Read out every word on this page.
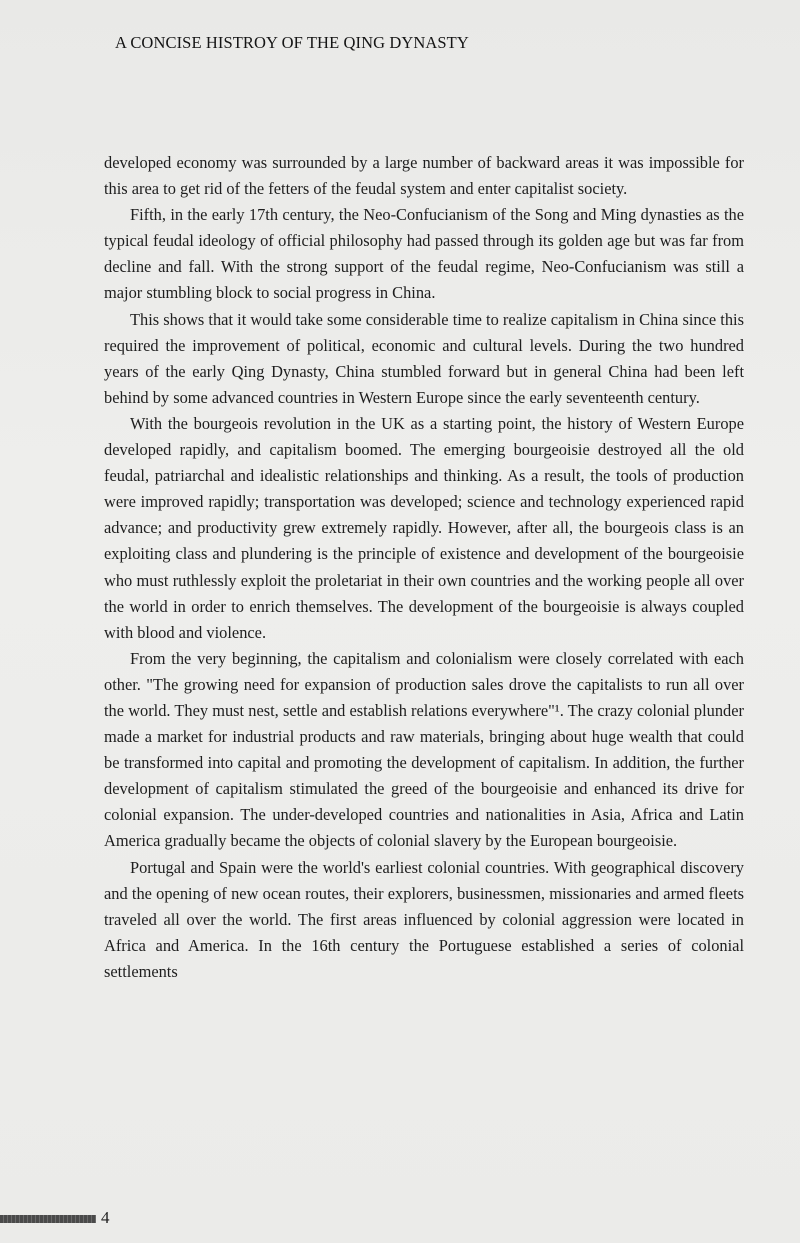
A CONCISE HISTROY OF THE QING DYNASTY

developed economy was surrounded by a large number of backward areas it was impossible for this area to get rid of the fetters of the feudal system and enter capitalist society.

Fifth, in the early 17th century, the Neo-Confucianism of the Song and Ming dynasties as the typical feudal ideology of official philosophy had passed through its golden age but was far from decline and fall. With the strong support of the feudal regime, Neo-Confucianism was still a major stumbling block to social progress in China.

This shows that it would take some considerable time to realize capitalism in China since this required the improvement of political, economic and cultural levels. During the two hundred years of the early Qing Dynasty, China stumbled forward but in general China had been left behind by some advanced countries in Western Europe since the early seventeenth century.

With the bourgeois revolution in the UK as a starting point, the history of Western Europe developed rapidly, and capitalism boomed. The emerging bourgeoisie destroyed all the old feudal, patriarchal and idealistic relationships and thinking. As a result, the tools of production were improved rapidly; transportation was developed; science and technology experienced rapid advance; and productivity grew extremely rapidly. However, after all, the bourgeois class is an exploiting class and plundering is the principle of existence and development of the bourgeoisie who must ruthlessly exploit the proletariat in their own countries and the working people all over the world in order to enrich themselves. The development of the bourgeoisie is always coupled with blood and violence.

From the very beginning, the capitalism and colonialism were closely correlated with each other. "The growing need for expansion of production sales drove the capitalists to run all over the world. They must nest, settle and establish relations everywhere"¹. The crazy colonial plunder made a market for industrial products and raw materials, bringing about huge wealth that could be transformed into capital and promoting the development of capitalism. In addition, the further development of capitalism stimulated the greed of the bourgeoisie and enhanced its drive for colonial expansion. The under-developed countries and nationalities in Asia, Africa and Latin America gradually became the objects of colonial slavery by the European bourgeoisie.

Portugal and Spain were the world's earliest colonial countries. With geographical discovery and the opening of new ocean routes, their explorers, businessmen, missionaries and armed fleets traveled all over the world. The first areas influenced by colonial aggression were located in Africa and America. In the 16th century the Portuguese established a series of colonial settlements

4
